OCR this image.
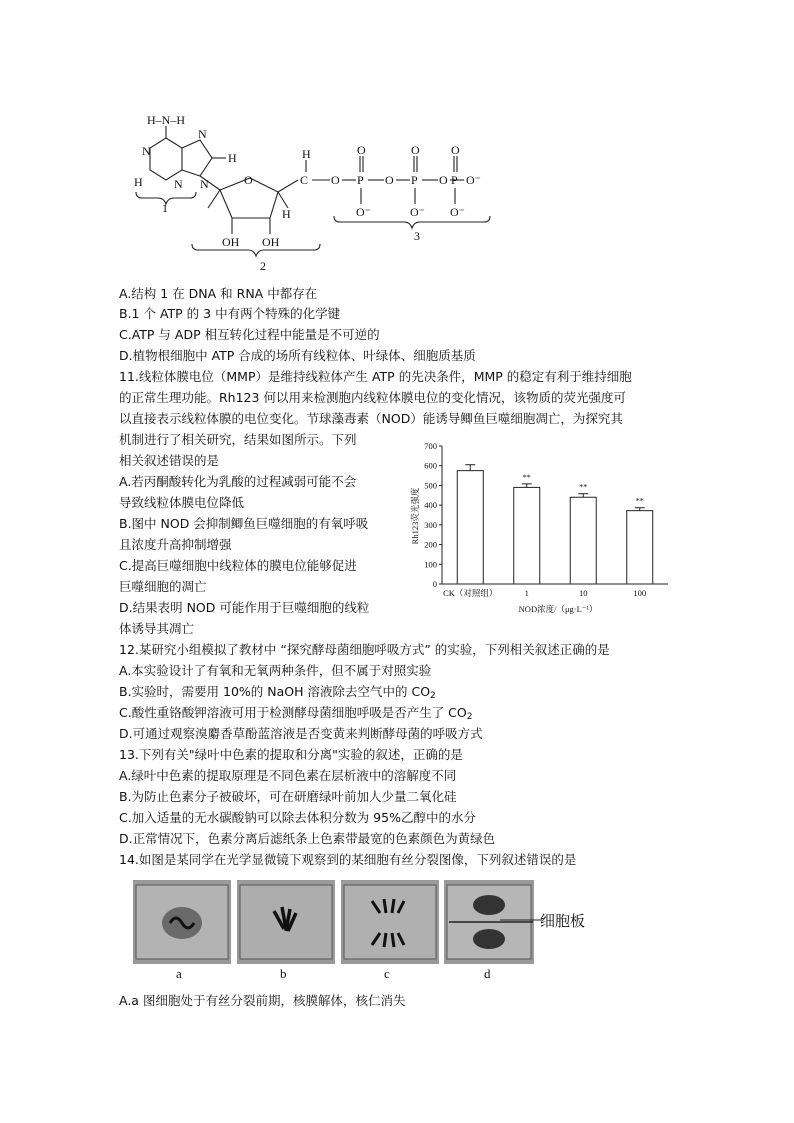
H–N–H
N
N
N
N
H
H	O
H
C
H
O P O P O P O⁻
O	O	O
O⁻	O⁻ O⁻
OH OH
1
3
2
A.结构 1 在 DNA 和 RNA 中都存在
B.1 个 ATP 的 3 中有两个特殊的化学键
C.ATP 与 ADP 相互转化过程中能量是不可逆的
D.植物根细胞中 ATP 合成的场所有线粒体、叶绿体、细胞质基质
11.线粒体膜电位（MMP）是维持线粒体产生 ATP 的先决条件，MMP 的稳定有利于维持细胞
的正常生理功能。Rh123 何以用来检测胞内线粒体膜电位的变化情况，该物质的荧光强度可
以直接表示线粒体膜的电位变化。节球藻毒素（NOD）能诱导鲫鱼巨噬细胞凋亡，为探究其
机制进行了相关研究，结果如图所示。下列
相关叙述错误的是
A.若丙酮酸转化为乳酸的过程减弱可能不会
导致线粒体膜电位降低
B.图中 NOD 会抑制鲫鱼巨噬细胞的有氧呼吸
且浓度升高抑制增强
C.提高巨噬细胞中线粒体的膜电位能够促进
巨噬细胞的凋亡
D.结果表明 NOD 可能作用于巨噬细胞的线粒
体诱导其凋亡
0
100
200
300
400
500
600
700
**
**
**
CK（对照组）	1	10	100
Rh123荧光强度
NOD浓度/（μg·L⁻¹）
12.某研究小组模拟了教材中 “探究酵母菌细胞呼吸方式” 的实验，下列相关叙述正确的是
A.本实验设计了有氧和无氧两种条件，但不属于对照实验
B.实验时，需要用 10%的 NaOH 溶液除去空气中的 $CO_2$
C.酸性重铬酸钾溶液可用于检测酵母菌细胞呼吸是否产生了 $CO_2$
D.可通过观察溴麝香草酚蓝溶液是否变黄来判断酵母菌的呼吸方式
13.下列有关"绿叶中色素的提取和分离"实验的叙述，正确的是
A.绿叶中色素的提取原理是不同色素在层析液中的溶解度不同
B.为防止色素分子被破坏，可在研磨绿叶前加人少量二氧化硅
C.加入适量的无水碳酸钠可以除去体积分数为 95%乙醇中的水分
D.正常情况下，色素分离后滤纸条上色素带最宽的色素颜色为黄绿色
14.如图是某同学在光学显微镜下观察到的某细胞有丝分裂图像，下列叙述错误的是
细胞板
a	b	c	d
A.a 图细胞处于有丝分裂前期，核膜解体，核仁消失
